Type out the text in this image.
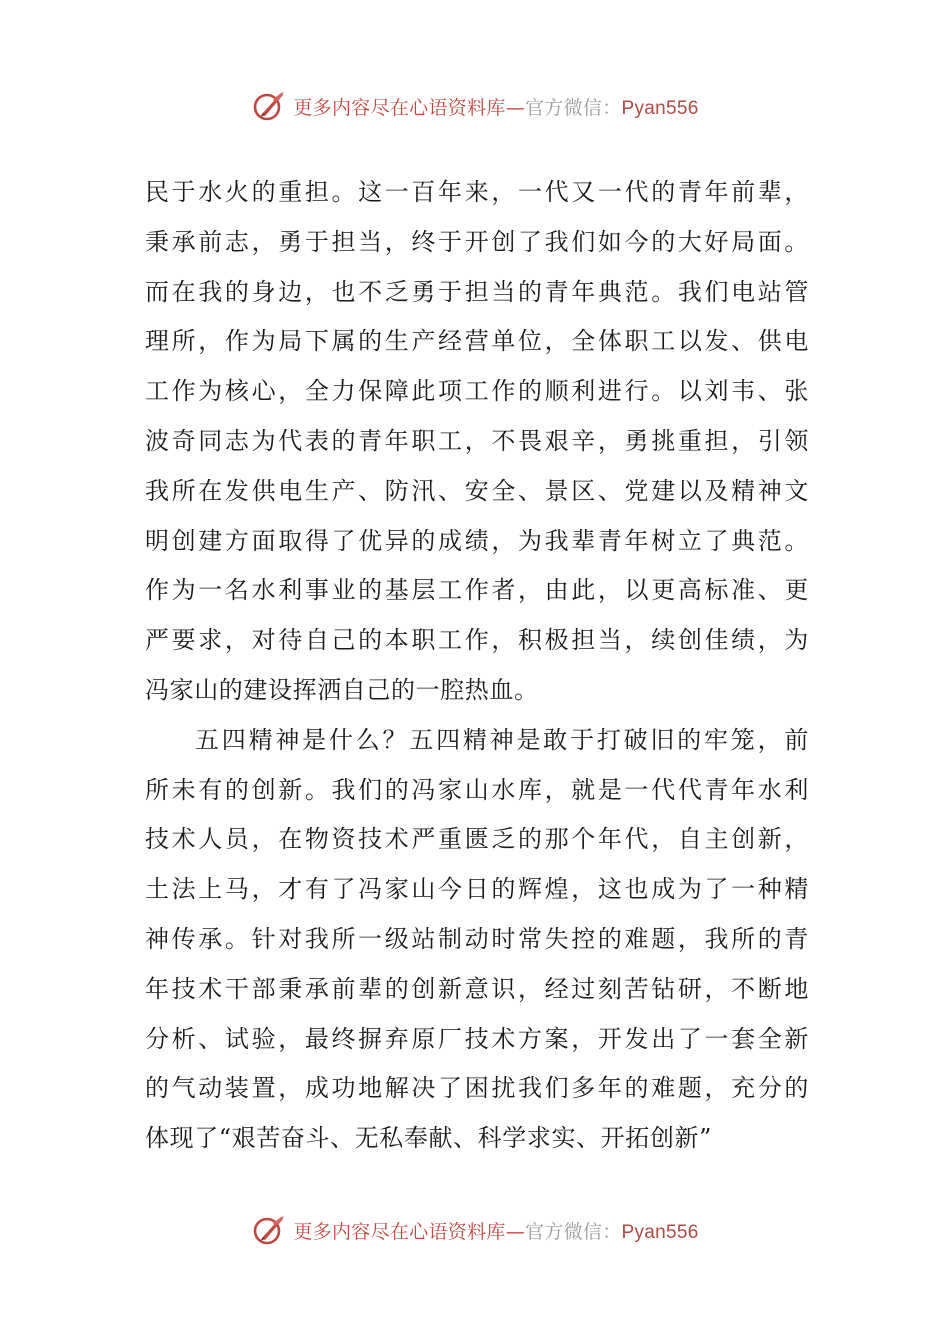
更多内容尽在心语资料库—官方微信：Pyan556
民于水火的重担。这一百年来，一代又一代的青年前辈，
秉承前志，勇于担当，终于开创了我们如今的大好局面。
而在我的身边，也不乏勇于担当的青年典范。我们电站管
理所，作为局下属的生产经营单位，全体职工以发、供电
工作为核心，全力保障此项工作的顺利进行。以刘韦、张
波奇同志为代表的青年职工，不畏艰辛，勇挑重担，引领
我所在发供电生产、防汛、安全、景区、党建以及精神文
明创建方面取得了优异的成绩，为我辈青年树立了典范。
作为一名水利事业的基层工作者，由此，以更高标准、更
严要求，对待自己的本职工作，积极担当，续创佳绩，为
冯家山的建设挥洒自己的一腔热血。
五四精神是什么？五四精神是敢于打破旧的牢笼，前
所未有的创新。我们的冯家山水库，就是一代代青年水利
技术人员，在物资技术严重匮乏的那个年代，自主创新，
土法上马，才有了冯家山今日的辉煌，这也成为了一种精
神传承。针对我所一级站制动时常失控的难题，我所的青
年技术干部秉承前辈的创新意识，经过刻苦钻研，不断地
分析、试验，最终摒弃原厂技术方案，开发出了一套全新
的气动装置，成功地解决了困扰我们多年的难题，充分的
体现了“艰苦奋斗、无私奉献、科学求实、开拓创新”
更多内容尽在心语资料库—官方微信：Pyan556
